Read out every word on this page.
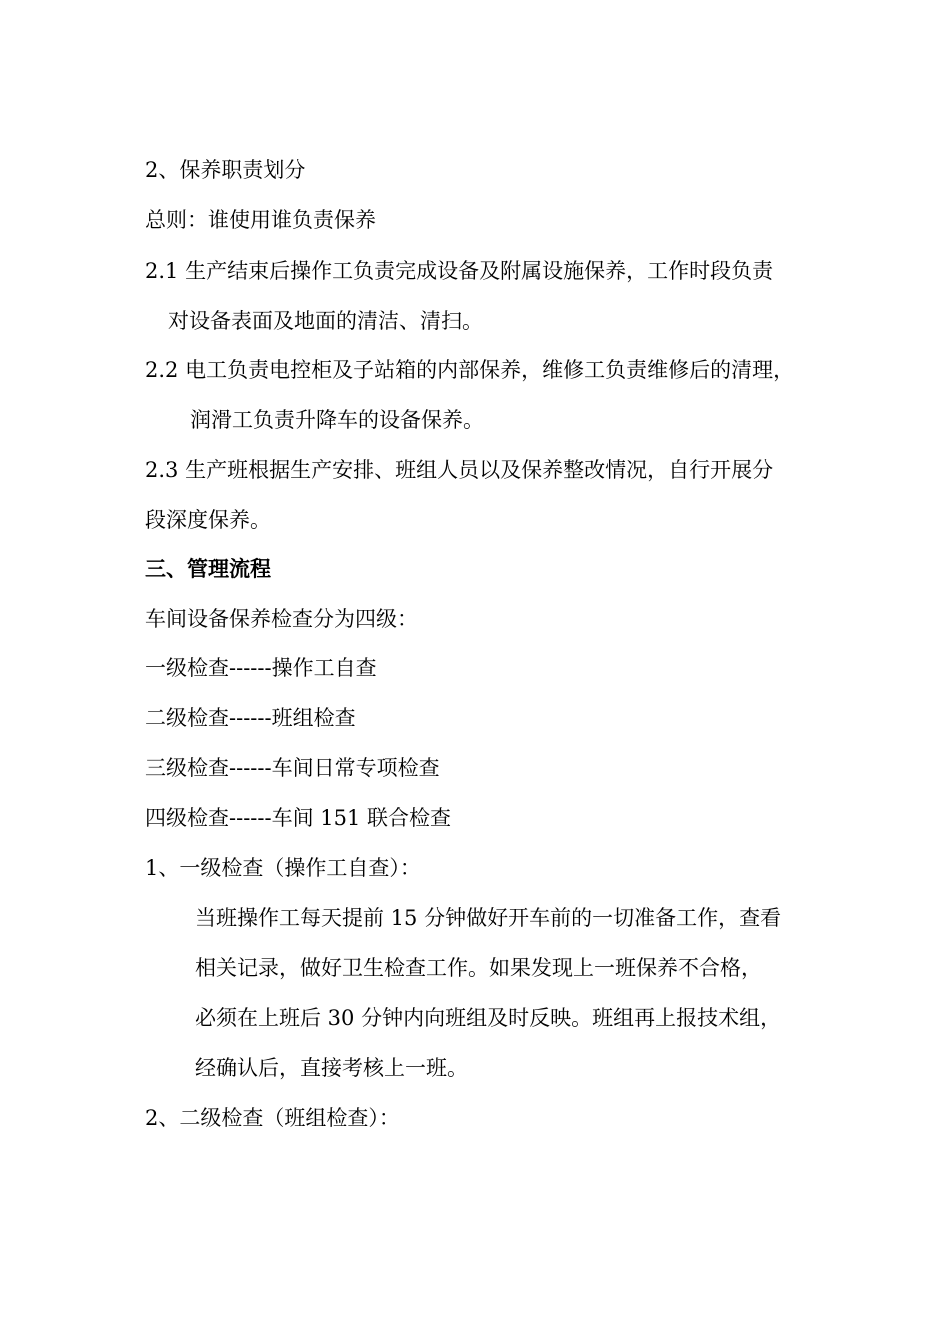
2、保养职责划分
总则：谁使用谁负责保养
2.1 生产结束后操作工负责完成设备及附属设施保养，工作时段负责
对设备表面及地面的清洁、清扫。
2.2 电工负责电控柜及子站箱的内部保养，维修工负责维修后的清理，
润滑工负责升降车的设备保养。
2.3 生产班根据生产安排、班组人员以及保养整改情况，自行开展分
段深度保养。
三、管理流程
车间设备保养检查分为四级：
一级检查------操作工自查
二级检查------班组检查
三级检查------车间日常专项检查
四级检查------车间 151 联合检查
1、一级检查（操作工自查）：
当班操作工每天提前 15 分钟做好开车前的一切准备工作，查看
相关记录，做好卫生检查工作。如果发现上一班保养不合格，
必须在上班后 30 分钟内向班组及时反映。班组再上报技术组，
经确认后，直接考核上一班。
2、二级检查（班组检查）：
